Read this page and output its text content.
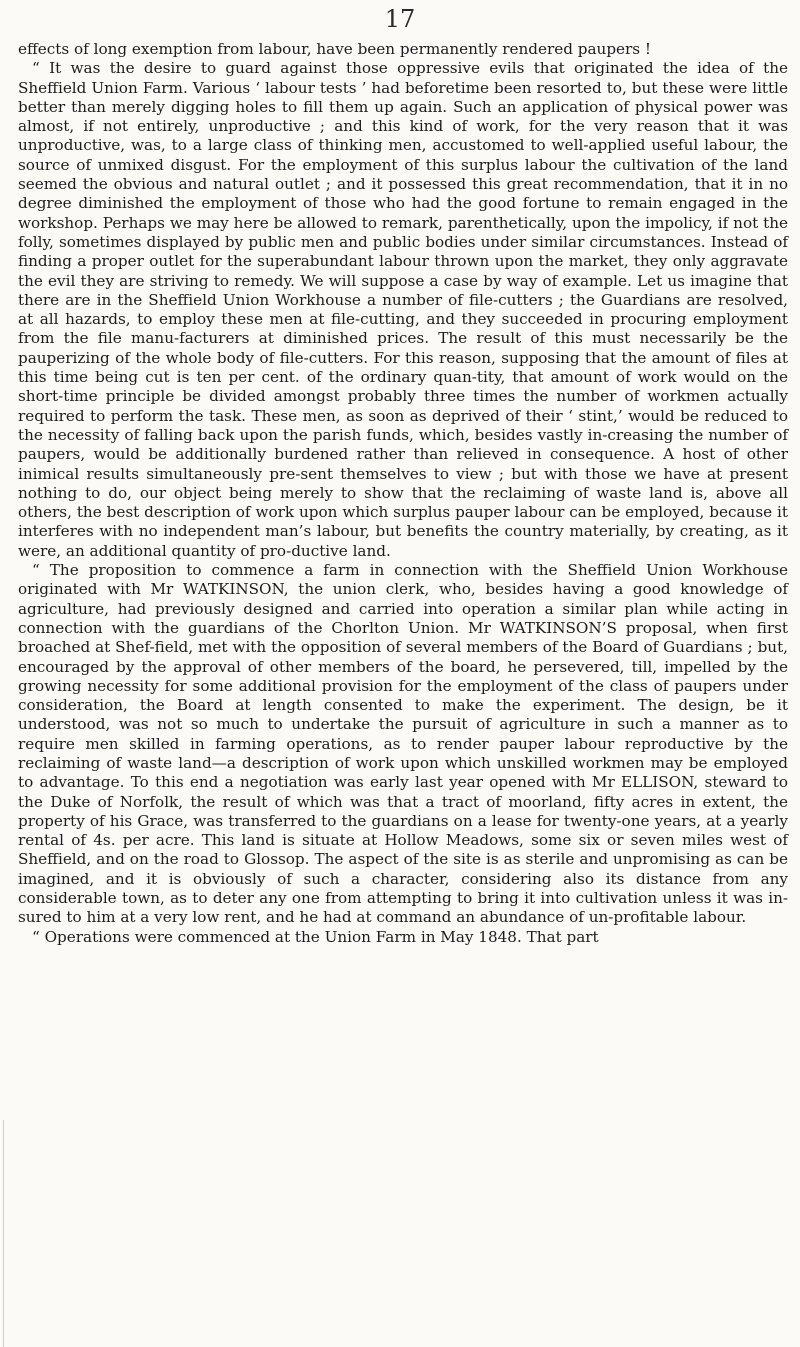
17

effects of long exemption from labour, have been permanently rendered paupers !

“ It was the desire to guard against those oppressive evils that originated the idea of the Sheffield Union Farm. Various ‘ labour tests ’ had beforetime been resorted to, but these were little better than merely digging holes to fill them up again. Such an application of physical power was almost, if not entirely, unproductive ; and this kind of work, for the very reason that it was unproductive, was, to a large class of thinking men, accustomed to well-applied useful labour, the source of unmixed disgust. For the employment of this surplus labour the cultivation of the land seemed the obvious and natural outlet ; and it possessed this great recommendation, that it in no degree diminished the employment of those who had the good fortune to remain engaged in the workshop. Perhaps we may here be allowed to remark, parenthetically, upon the impolicy, if not the folly, sometimes displayed by public men and public bodies under similar circumstances. Instead of finding a proper outlet for the superabundant labour thrown upon the market, they only aggravate the evil they are striving to remedy. We will suppose a case by way of example. Let us imagine that there are in the Sheffield Union Workhouse a number of file-cutters ; the Guardians are resolved, at all hazards, to employ these men at file-cutting, and they succeeded in procuring employment from the file manu-facturers at diminished prices. The result of this must necessarily be the pauperizing of the whole body of file-cutters. For this reason, supposing that the amount of files at this time being cut is ten per cent. of the ordinary quan-tity, that amount of work would on the short-time principle be divided amongst probably three times the number of workmen actually required to perform the task. These men, as soon as deprived of their ‘ stint,’ would be reduced to the necessity of falling back upon the parish funds, which, besides vastly in-creasing the number of paupers, would be additionally burdened rather than relieved in consequence. A host of other inimical results simultaneously pre-sent themselves to view ; but with those we have at present nothing to do, our object being merely to show that the reclaiming of waste land is, above all others, the best description of work upon which surplus pauper labour can be employed, because it interferes with no independent man’s labour, but benefits the country materially, by creating, as it were, an additional quantity of pro-ductive land.

“ The proposition to commence a farm in connection with the Sheffield Union Workhouse originated with Mr WATKINSON, the union clerk, who, besides having a good knowledge of agriculture, had previously designed and carried into operation a similar plan while acting in connection with the guardians of the Chorlton Union. Mr WATKINSON’S proposal, when first broached at Shef-field, met with the opposition of several members of the Board of Guardians ; but, encouraged by the approval of other members of the board, he persevered, till, impelled by the growing necessity for some additional provision for the employment of the class of paupers under consideration, the Board at length consented to make the experiment. The design, be it understood, was not so much to undertake the pursuit of agriculture in such a manner as to require men skilled in farming operations, as to render pauper labour reproductive by the reclaiming of waste land—a description of work upon which unskilled workmen may be employed to advantage. To this end a negotiation was early last year opened with Mr ELLISON, steward to the Duke of Norfolk, the result of which was that a tract of moorland, fifty acres in extent, the property of his Grace, was transferred to the guardians on a lease for twenty-one years, at a yearly rental of 4s. per acre. This land is situate at Hollow Meadows, some six or seven miles west of Sheffield, and on the road to Glossop. The aspect of the site is as sterile and unpromising as can be imagined, and it is obviously of such a character, considering also its distance from any considerable town, as to deter any one from attempting to bring it into cultivation unless it was in-sured to him at a very low rent, and he had at command an abundance of un-profitable labour.

“ Operations were commenced at the Union Farm in May 1848. That part
